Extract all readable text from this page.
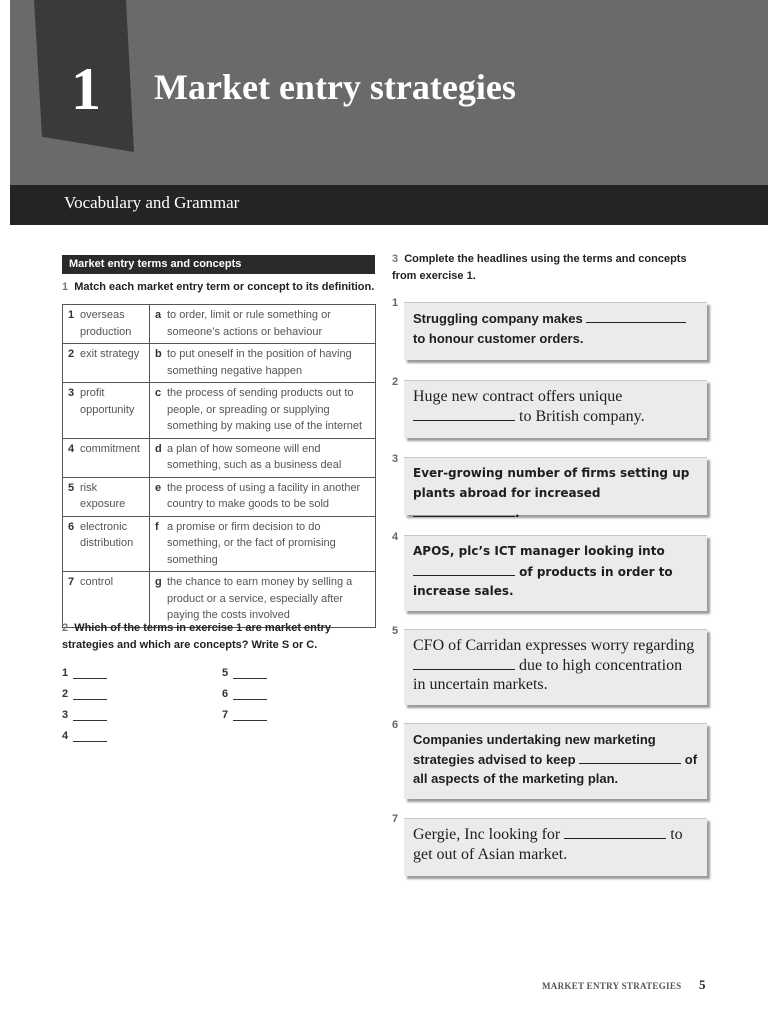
1	Market entry strategies
Vocabulary and Grammar
Market entry terms and concepts
1 Match each market entry term or concept to its definition.
1 overseas production	a to order, limit or rule something or someone’s actions or behaviour

2 exit strategy	b to put oneself in the position of having something negative happen

3 profit opportunity	c the process of sending products out to people, or spreading or supplying something by making use of the internet

4 commitment	d a plan of how someone will end something, such as a business deal

5 risk exposure	e the process of using a facility in another country to make goods to be sold

6 electronic distribution	f a promise or firm decision to do something, or the fact of promising something

7 control	g the chance to earn money by selling a product or a service, especially after paying the costs involved
2 Which of the terms in exercise 1 are market entry strategies and which are concepts? Write S or C.
1
2
3
4
5
6
7
3 Complete the headlines using the terms and concepts from exercise 1.
1
Struggling company makes  to honour customer orders.
2
Huge new contract offers unique  to British company.
3
Ever-growing number of firms setting up plants abroad for increased .
4
APOS, plc’s ICT manager looking into  of products in order to increase sales.
5
CFO of Carridan expresses worry regarding  due to high concentration in uncertain markets.
6
Companies undertaking new marketing strategies advised to keep	of all aspects of the marketing plan.
7
Gergie, Inc looking for	to get out of Asian market.
MARKET ENTRY STRATEGIES 5
